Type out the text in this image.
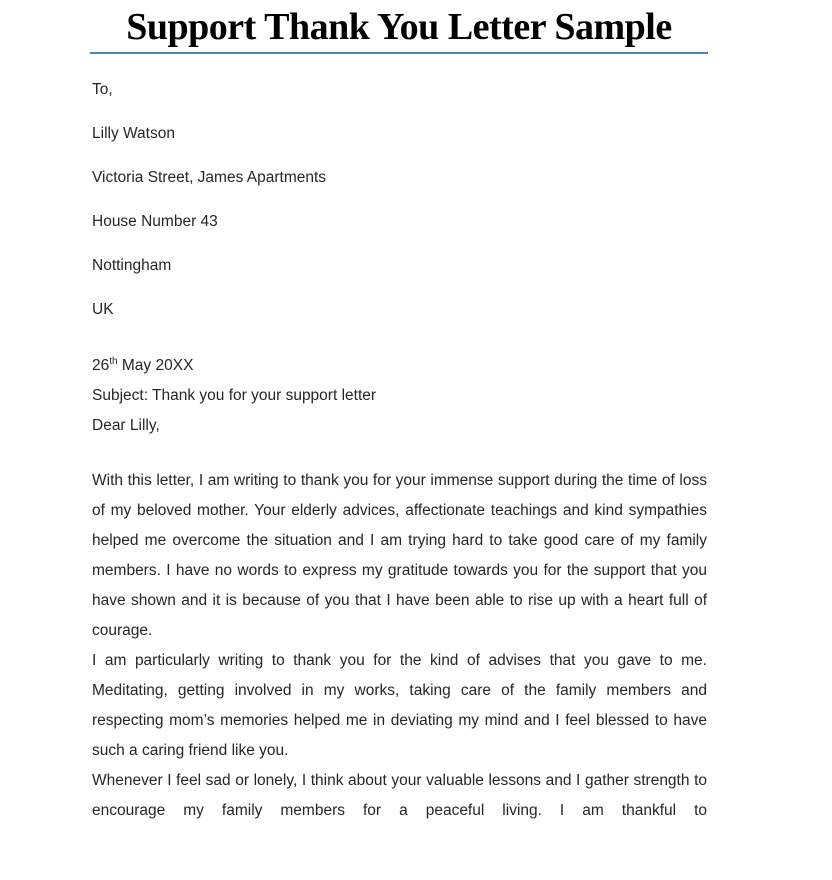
Support Thank You Letter Sample

To,

Lilly Watson

Victoria Street, James Apartments

House Number 43

Nottingham

UK

26th May 20XX

Subject: Thank you for your support letter

Dear Lilly,

With this letter, I am writing to thank you for your immense support during the time of loss of my beloved mother. Your elderly advices, affectionate teachings and kind sympathies helped me overcome the situation and I am trying hard to take good care of my family members. I have no words to express my gratitude towards you for the support that you have shown and it is because of you that I have been able to rise up with a heart full of courage.

I am particularly writing to thank you for the kind of advises that you gave to me. Meditating, getting involved in my works, taking care of the family members and respecting mom’s memories helped me in deviating my mind and I feel blessed to have such a caring friend like you.

Whenever I feel sad or lonely, I think about your valuable lessons and I gather strength to encourage my family members for a peaceful living. I am thankful to
